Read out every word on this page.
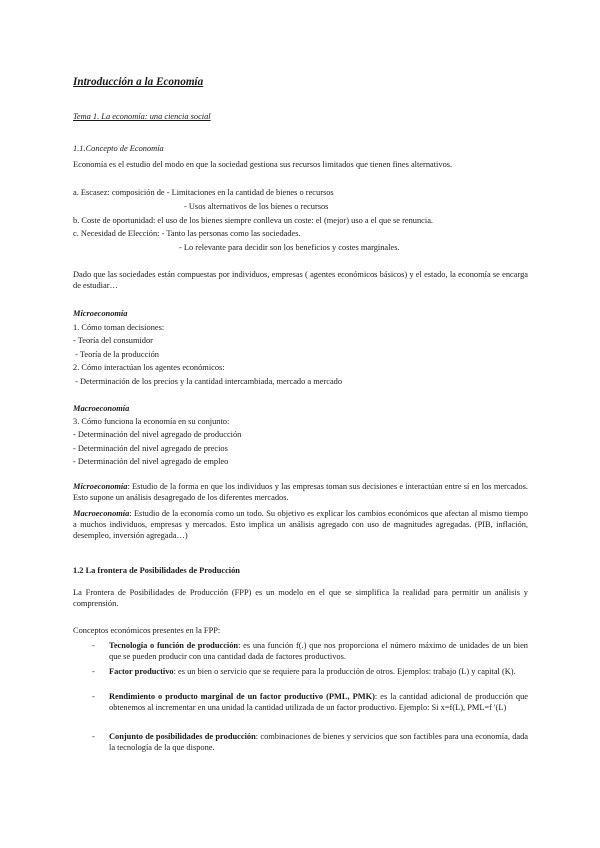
Introducción a la Economía
Tema 1. La economía: una ciencia social
1.1.Concepto de Economía
Economía es el estudio del modo en que la sociedad gestiona sus recursos limitados que tienen fines alternativos.
a. Escasez: composición de - Limitaciones en la cantidad de bienes o recursos
- Usos alternativos de los bienes o recursos
b. Coste de oportunidad: el uso de los bienes siempre conlleva un coste: el (mejor) uso a el que se renuncia.
c. Necesidad de Elección: - Tanto las personas como las sociedades.
- Lo relevante para decidir son los beneficios y costes marginales.
Dado que las sociedades están compuestas por individuos, empresas ( agentes económicos básicos) y el estado, la economía se encarga de estudiar…
Microeconomía
1. Cómo toman decisiones:
- Teoría del consumidor
- Teoría de la producción
2. Cómo interactúan los agentes económicos:
- Determinación de los precios y la cantidad intercambiada, mercado a mercado
Macroeconomía
3. Cómo funciona la economía en su conjunto:
- Determinación del nivel agregado de producción
- Determinación del nivel agregado de precios
- Determinación del nivel agregado de empleo
Microeconomía: Estudio de la forma en que los individuos y las empresas toman sus decisiones e interactúan entre sí en los mercados. Esto supone un análisis desagregado de los diferentes mercados.
Macroeconomía: Estudio de la economía como un todo. Su objetivo es explicar los cambios económicos que afectan al mismo tiempo a muchos individuos, empresas y mercados. Esto implica un análisis agregado con uso de magnitudes agregadas. (PIB, inflación, desempleo, inversión agregada…)
1.2 La frontera de Posibilidades de Producción
La Frontera de Posibilidades de Producción (FPP) es un modelo en el que se simplifica la realidad para permitir un análisis y comprensión.
Conceptos económicos presentes en la FPP:
- Tecnología o función de producción: es una función f(.) que nos proporciona el número máximo de unidades de un bien que se pueden producir con una cantidad dada de factores productivos.
- Factor productivo: es un bien o servicio que se requiere para la producción de otros. Ejemplos: trabajo (L) y capital (K).
- Rendimiento o producto marginal de un factor productivo (PML, PMK): es la cantidad adicional de producción que obtenemos al incrementar en una unidad la cantidad utilizada de un factor productivo. Ejemplo: Si x=f(L), PML=f '(L)
- Conjunto de posibilidades de producción: combinaciones de bienes y servicios que son factibles para una economía, dada la tecnología de la que dispone.
